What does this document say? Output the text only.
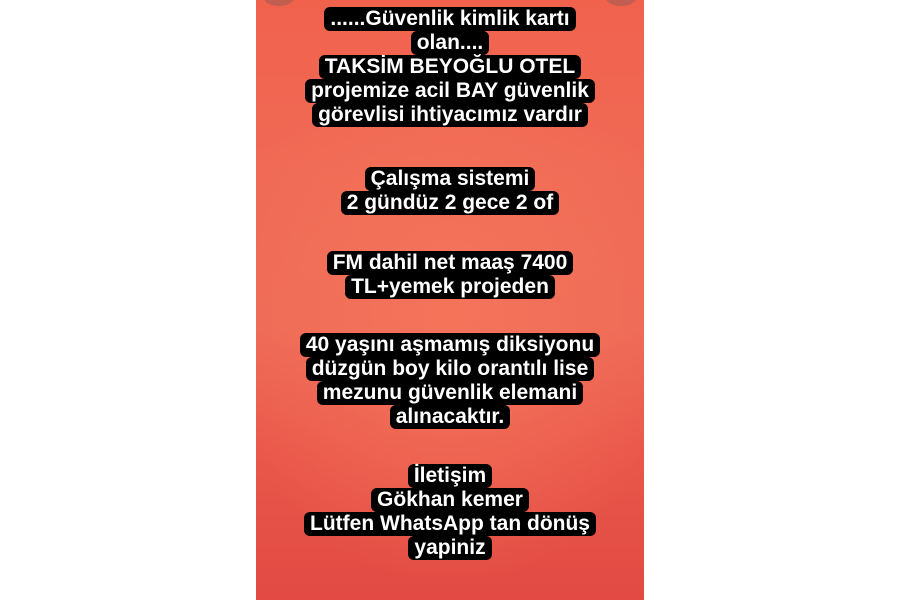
......Güvenlik kimlik kartı
olan....
TAKSİM BEYOĞLU OTEL
projemize acil BAY güvenlik
görevlisi ihtiyacımız vardır
Çalışma sistemi
2 gündüz 2 gece 2 of
FM dahil net maaş 7400
TL+yemek projeden
40 yaşını aşmamış diksiyonu
düzgün boy kilo orantılı lise
mezunu güvenlik elemani
alınacaktır.
İletişim
Gökhan kemer
Lütfen WhatsApp tan dönüş
yapiniz
